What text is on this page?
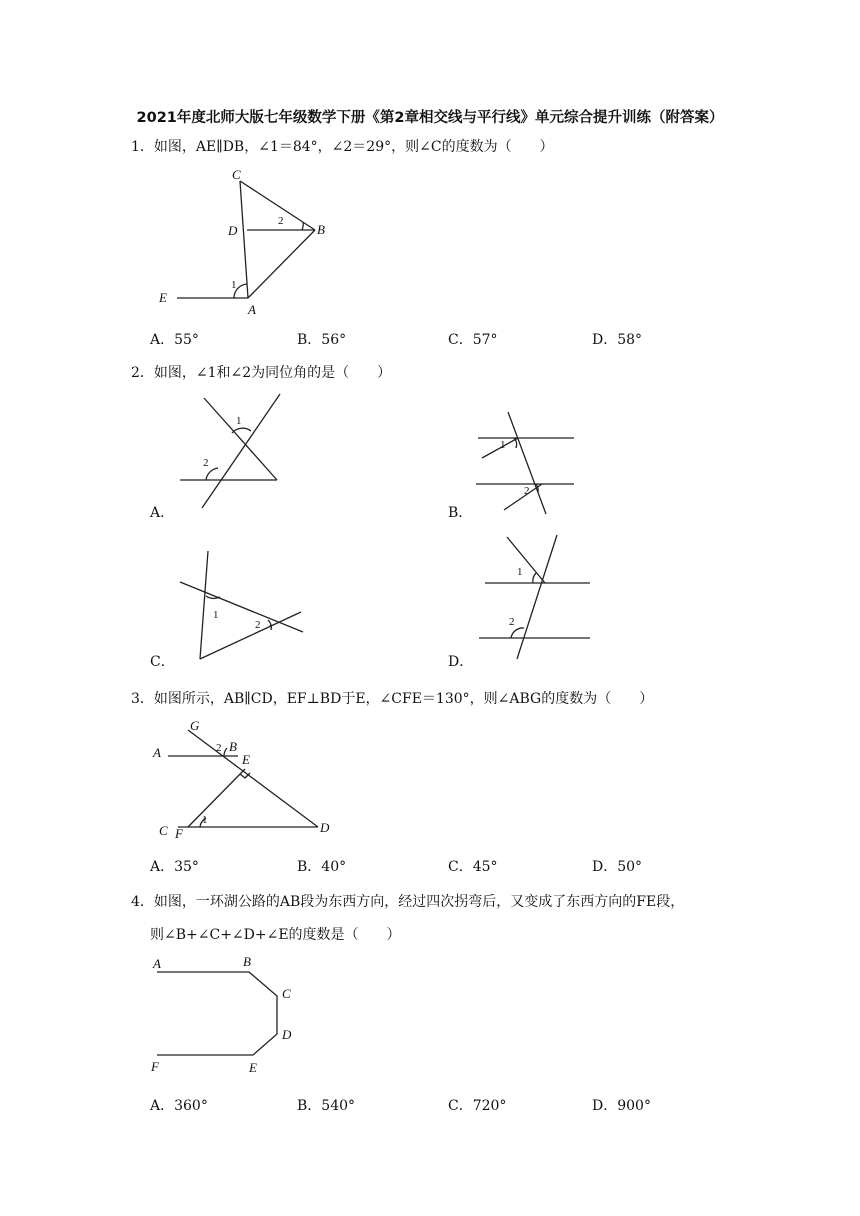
2021年度北师大版七年级数学下册《第2章相交线与平行线》单元综合提升训练（附答案）
1．如图，AE∥DB，∠1＝84°，∠2＝29°，则∠C的度数为（　　）
C
D	B
E
A
1
2
A．55°	B．56°	C．57°	D．58°
2．如图，∠1和∠2为同位角的是（　　）
1
2
A．
1
2
B．
1
2
C．
1
2
D．
3．如图所示，AB∥CD，EF⊥BD于E，∠CFE＝130°，则∠ABG的度数为（　　）
G
A	B
E
C F	D
1
2
A．35°	B．40°	C．45°	D．50°
4．如图，一环湖公路的AB段为东西方向，经过四次拐弯后，又变成了东西方向的FE段，
则∠B+∠C+∠D+∠E的度数是（　　）
A	B
C
D
F	E
A．360°	B．540°	C．720°	D．900°
